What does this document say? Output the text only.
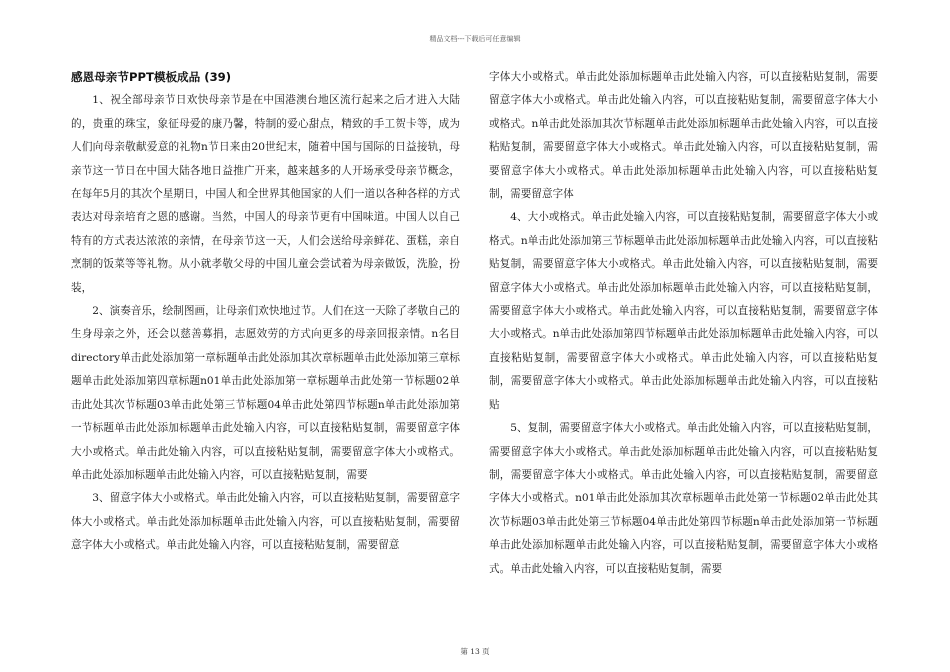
精品文档---下载后可任意编辑

感恩母亲节PPT模板成品 (39)

1、祝全部母亲节日欢快母亲节是在中国港澳台地区流行起来之后才进入大陆的，贵重的珠宝，象征母爱的康乃馨，特制的爱心甜点，精致的手工贺卡等，成为人们向母亲敬献爱意的礼物n节日来由20世纪末，随着中国与国际的日益接轨，母亲节这一节日在中国大陆各地日益推广开来，越来越多的人开场承受母亲节概念，在每年5月的其次个星期日，中国人和全世界其他国家的人们一道以各种各样的方式表达对母亲培育之恩的感谢。当然，中国人的母亲节更有中国味道。中国人以自己特有的方式表达浓浓的亲情，在母亲节这一天，人们会送给母亲鲜花、蛋糕，亲自烹制的饭菜等等礼物。从小就孝敬父母的中国儿童会尝试着为母亲做饭，洗脸，扮装，

2、演奏音乐，绘制图画，让母亲们欢快地过节。人们在这一天除了孝敬自己的生身母亲之外，还会以慈善募捐，志愿效劳的方式向更多的母亲回报亲情。n名目directory单击此处添加第一章标题单击此处添加其次章标题单击此处添加第三章标题单击此处添加第四章标题n01单击此处添加第一章标题单击此处第一节标题02单击此处其次节标题03单击此处第三节标题04单击此处第四节标题n单击此处添加第一节标题单击此处添加标题单击此处输入内容，可以直接粘贴复制，需要留意字体大小或格式。单击此处输入内容，可以直接粘贴复制，需要留意字体大小或格式。单击此处添加标题单击此处输入内容，可以直接粘贴复制，需要

3、留意字体大小或格式。单击此处输入内容，可以直接粘贴复制，需要留意字体大小或格式。单击此处添加标题单击此处输入内容，可以直接粘贴复制，需要留意字体大小或格式。单击此处输入内容，可以直接粘贴复制，需要留意

字体大小或格式。单击此处添加标题单击此处输入内容，可以直接粘贴复制，需要留意字体大小或格式。单击此处输入内容，可以直接粘贴复制，需要留意字体大小或格式。n单击此处添加其次节标题单击此处添加标题单击此处输入内容，可以直接粘贴复制，需要留意字体大小或格式。单击此处输入内容，可以直接粘贴复制，需要留意字体大小或格式。单击此处添加标题单击此处输入内容，可以直接粘贴复制，需要留意字体

4、大小或格式。单击此处输入内容，可以直接粘贴复制，需要留意字体大小或格式。n单击此处添加第三节标题单击此处添加标题单击此处输入内容，可以直接粘贴复制，需要留意字体大小或格式。单击此处输入内容，可以直接粘贴复制，需要留意字体大小或格式。单击此处添加标题单击此处输入内容，可以直接粘贴复制，需要留意字体大小或格式。单击此处输入内容，可以直接粘贴复制，需要留意字体大小或格式。n单击此处添加第四节标题单击此处添加标题单击此处输入内容，可以直接粘贴复制，需要留意字体大小或格式。单击此处输入内容，可以直接粘贴复制，需要留意字体大小或格式。单击此处添加标题单击此处输入内容，可以直接粘贴

5、复制，需要留意字体大小或格式。单击此处输入内容，可以直接粘贴复制，需要留意字体大小或格式。单击此处添加标题单击此处输入内容，可以直接粘贴复制，需要留意字体大小或格式。单击此处输入内容，可以直接粘贴复制，需要留意字体大小或格式。n01单击此处添加其次章标题单击此处第一节标题02单击此处其次节标题03单击此处第三节标题04单击此处第四节标题n单击此处添加第一节标题单击此处添加标题单击此处输入内容，可以直接粘贴复制，需要留意字体大小或格式。单击此处输入内容，可以直接粘贴复制，需要

第 13 页
